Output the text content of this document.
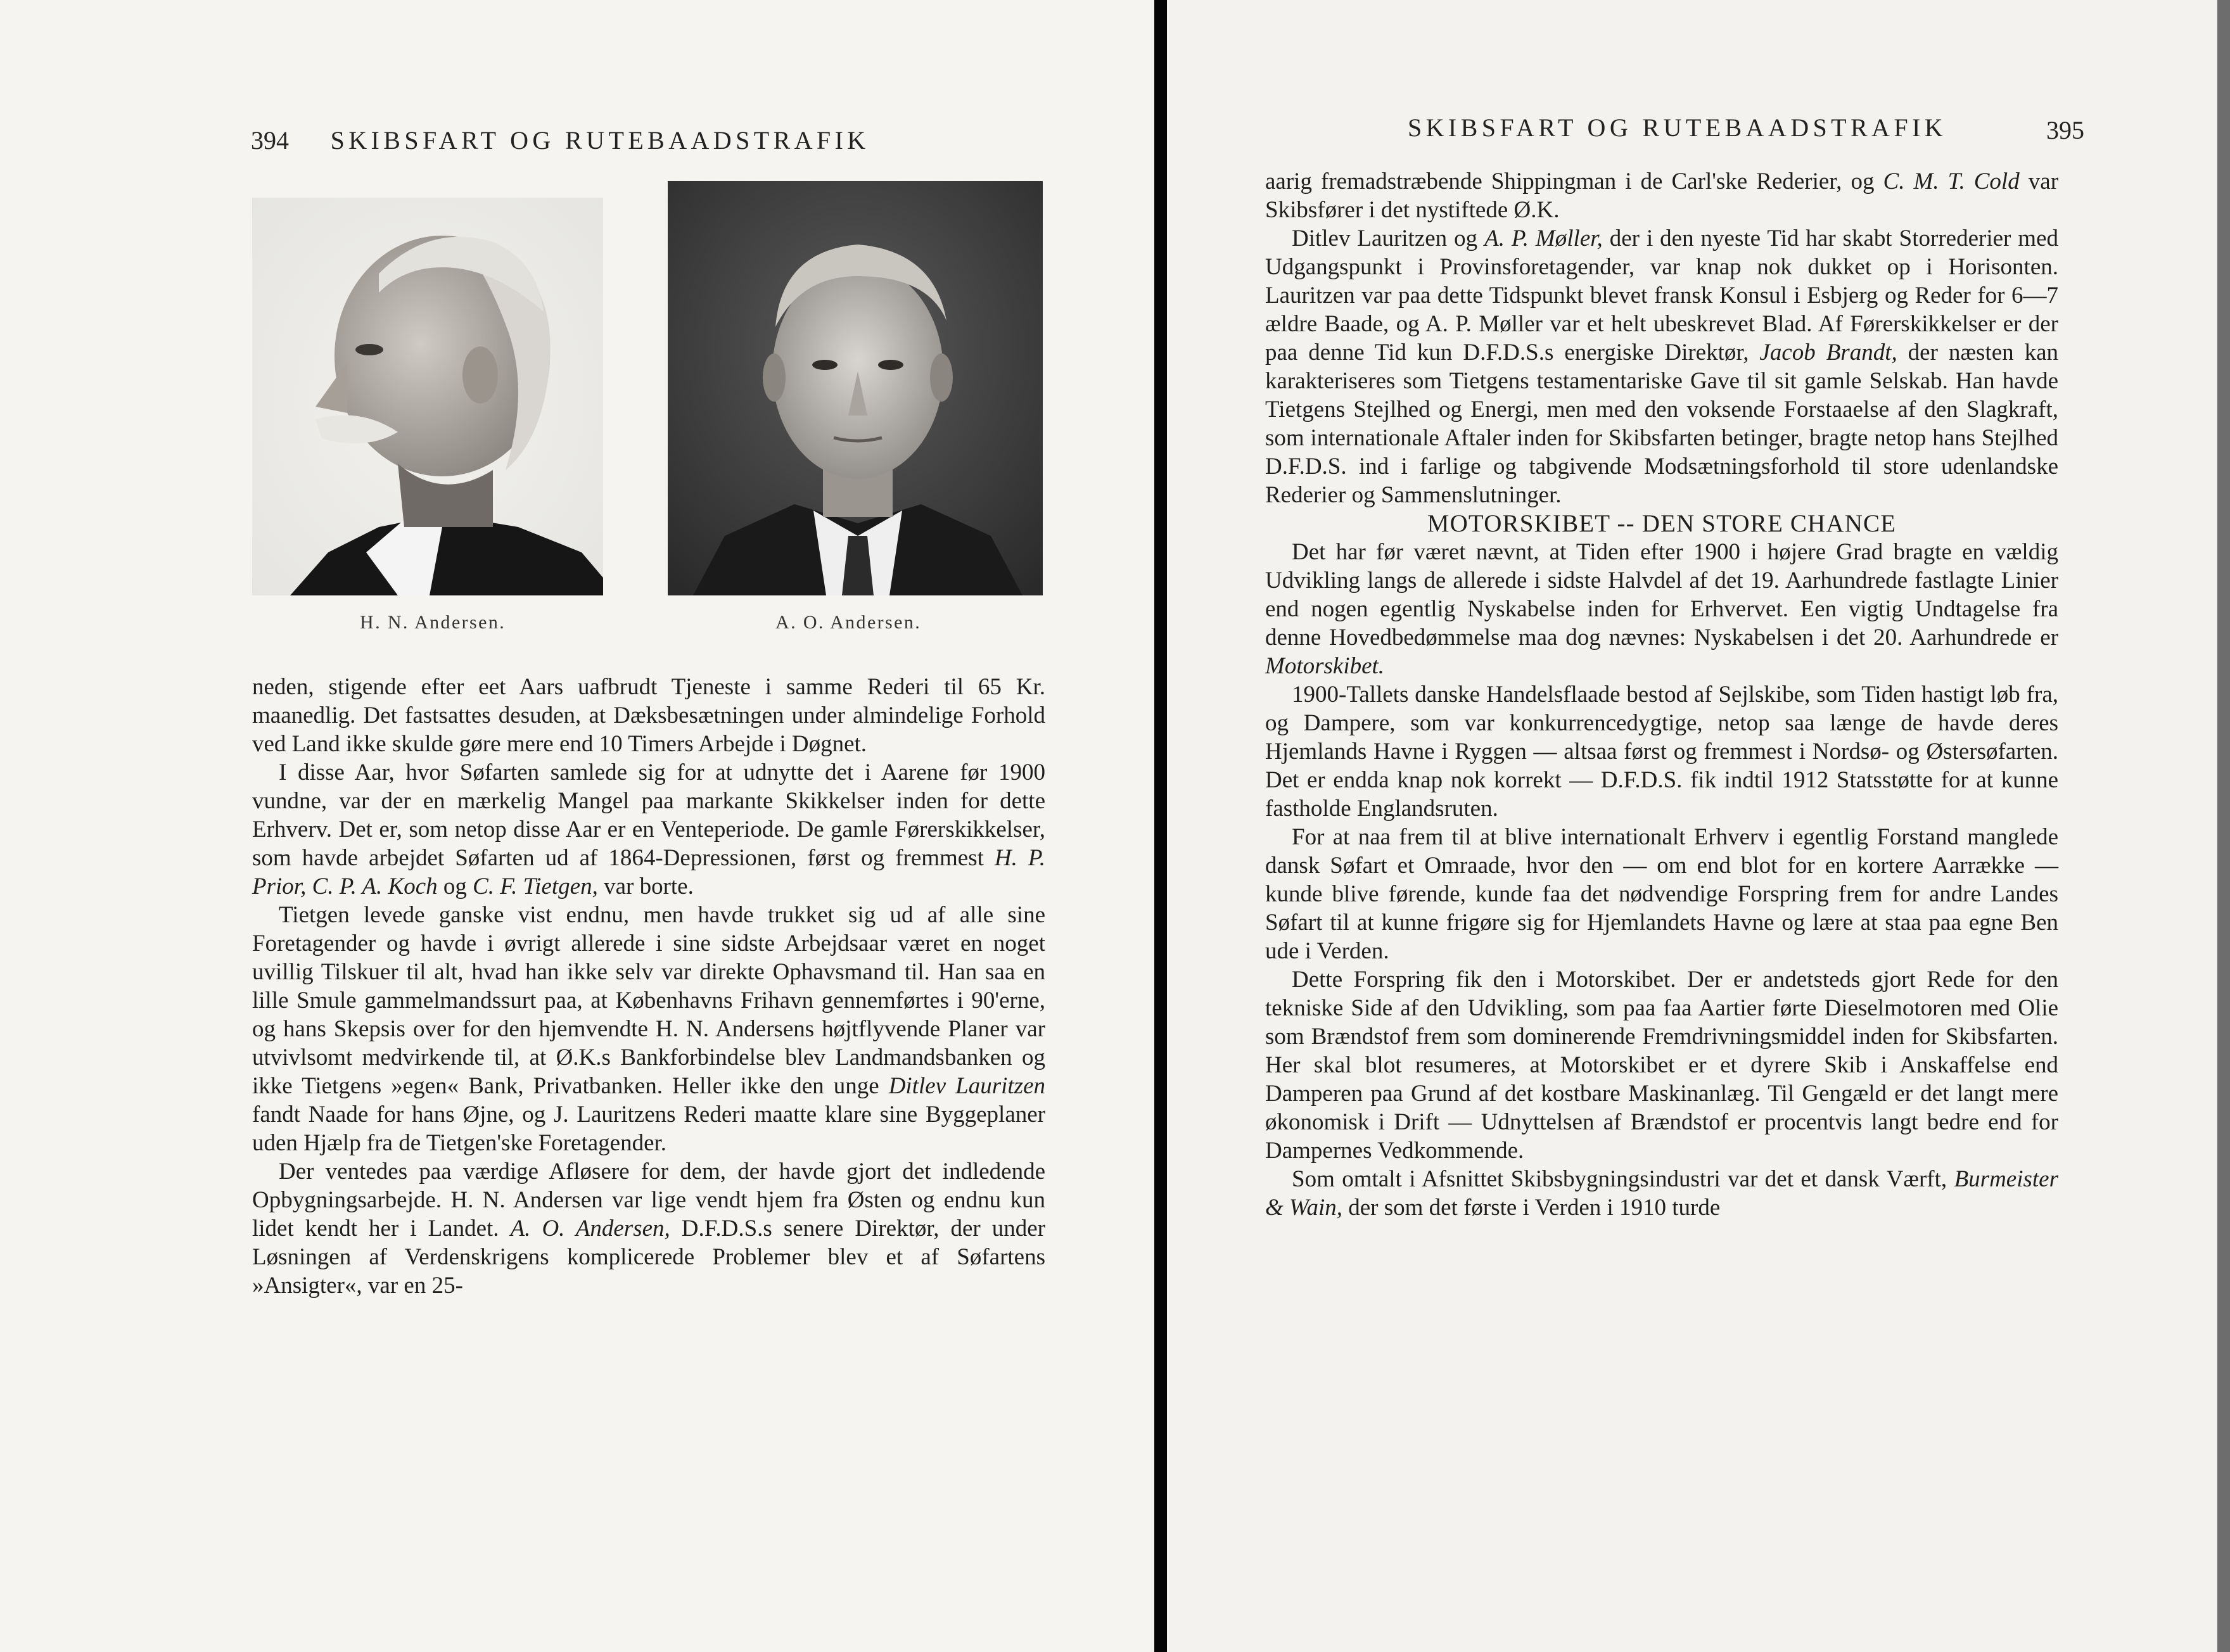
394 SKIBSFART OG RUTEBAADSTRAFIK
H. N. Andersen.	A. O. Andersen.

neden, stigende efter eet Aars uafbrudt Tjeneste i samme Rederi til 65 Kr. maanedlig. Det fastsattes desuden, at Dæksbesætningen under almindelige Forhold ved Land ikke skulde gøre mere end 10 Timers Arbejde i Døgnet.

I disse Aar, hvor Søfarten samlede sig for at udnytte det i Aarene før 1900 vundne, var der en mærkelig Mangel paa markante Skikkelser inden for dette Erhverv. Det er, som netop disse Aar er en Venteperiode. De gamle Førerskikkelser, som havde arbejdet Søfarten ud af 1864-Depressionen, først og fremmest H. P. Prior, C. P. A. Koch og C. F. Tietgen, var borte.

Tietgen levede ganske vist endnu, men havde trukket sig ud af alle sine Foretagender og havde i øvrigt allerede i sine sidste Arbejdsaar været en noget uvillig Tilskuer til alt, hvad han ikke selv var direkte Ophavsmand til. Han saa en lille Smule gammelmandssurt paa, at Københavns Frihavn gennemførtes i 90'erne, og hans Skepsis over for den hjemvendte H. N. Andersens højtflyvende Planer var utvivlsomt medvirkende til, at Ø.K.s Bankforbindelse blev Landmandsbanken og ikke Tietgens »egen« Bank, Privatbanken. Heller ikke den unge Ditlev Lauritzen fandt Naade for hans Øjne, og J. Lauritzens Rederi maatte klare sine Byggeplaner uden Hjælp fra de Tietgen'ske Foretagender.

Der ventedes paa værdige Afløsere for dem, der havde gjort det indledende Opbygningsarbejde. H. N. Andersen var lige vendt hjem fra Østen og endnu kun lidet kendt her i Landet. A. O. Andersen, D.F.D.S.s senere Direktør, der under Løsningen af Verdenskrigens komplicerede Problemer blev et af Søfartens »Ansigter«, var en 25-

SKIBSFART OG RUTEBAADSTRAFIK	395

aarig fremadstræbende Shippingman i de Carl'ske Rederier, og C. M. T. Cold var Skibsfører i det nystiftede Ø.K.

Ditlev Lauritzen og A. P. Møller, der i den nyeste Tid har skabt Storrederier med Udgangspunkt i Provinsforetagender, var knap nok dukket op i Horisonten. Lauritzen var paa dette Tidspunkt blevet fransk Konsul i Esbjerg og Reder for 6—7 ældre Baade, og A. P. Møller var et helt ubeskrevet Blad. Af Førerskikkelser er der paa denne Tid kun D.F.D.S.s energiske Direktør, Jacob Brandt, der næsten kan karakteriseres som Tietgens testamentariske Gave til sit gamle Selskab. Han havde Tietgens Stejlhed og Energi, men med den voksende Forstaaelse af den Slagkraft, som internationale Aftaler inden for Skibsfarten betinger, bragte netop hans Stejlhed D.F.D.S. ind i farlige og tabgivende Modsætningsforhold til store udenlandske Rederier og Sammenslutninger.

MOTORSKIBET -- DEN STORE CHANCE

Det har før været nævnt, at Tiden efter 1900 i højere Grad bragte en vældig Udvikling langs de allerede i sidste Halvdel af det 19. Aarhundrede fastlagte Linier end nogen egentlig Nyskabelse inden for Erhvervet. Een vigtig Undtagelse fra denne Hovedbedømmelse maa dog nævnes: Nyskabelsen i det 20. Aarhundrede er Motorskibet.

1900-Tallets danske Handelsflaade bestod af Sejlskibe, som Tiden hastigt løb fra, og Dampere, som var konkurrencedygtige, netop saa længe de havde deres Hjemlands Havne i Ryggen — altsaa først og fremmest i Nordsø- og Østersøfarten. Det er endda knap nok korrekt — D.F.D.S. fik indtil 1912 Statsstøtte for at kunne fastholde Englandsruten.

For at naa frem til at blive internationalt Erhverv i egentlig Forstand manglede dansk Søfart et Omraade, hvor den — om end blot for en kortere Aarrække — kunde blive førende, kunde faa det nødvendige Forspring frem for andre Landes Søfart til at kunne frigøre sig for Hjemlandets Havne og lære at staa paa egne Ben ude i Verden.

Dette Forspring fik den i Motorskibet. Der er andetsteds gjort Rede for den tekniske Side af den Udvikling, som paa faa Aartier førte Dieselmotoren med Olie som Brændstof frem som dominerende Fremdrivningsmiddel inden for Skibsfarten. Her skal blot resumeres, at Motorskibet er et dyrere Skib i Anskaffelse end Damperen paa Grund af det kostbare Maskinanlæg. Til Gengæld er det langt mere økonomisk i Drift — Udnyttelsen af Brændstof er procentvis langt bedre end for Dampernes Vedkommende.

Som omtalt i Afsnittet Skibsbygningsindustri var det et dansk Værft, Burmeister & Wain, der som det første i Verden i 1910 turde
